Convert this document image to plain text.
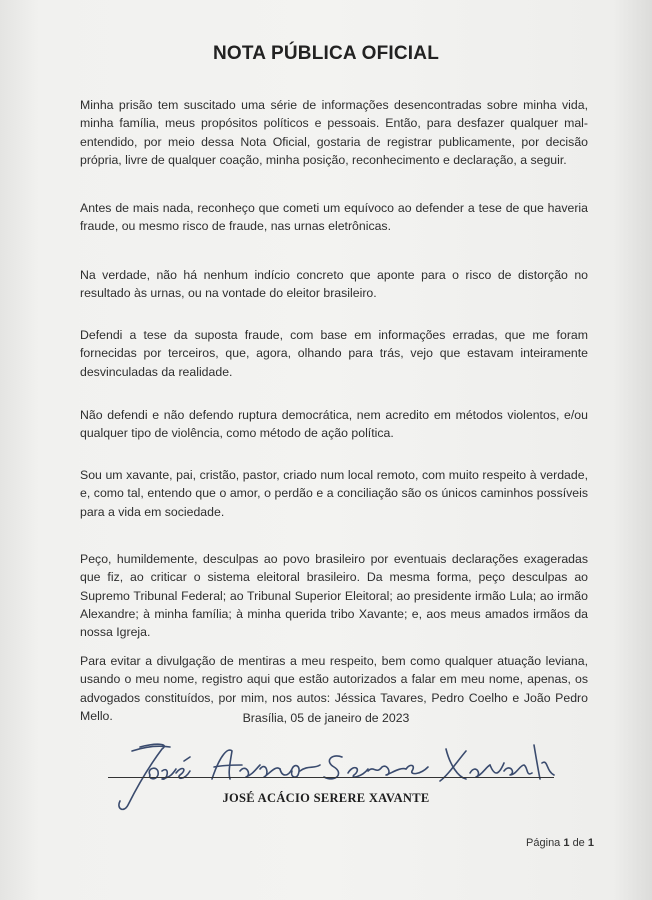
NOTA PÚBLICA OFICIAL

Minha prisão tem suscitado uma série de informações desencontradas sobre minha vida, minha família, meus propósitos políticos e pessoais. Então, para desfazer qualquer mal-entendido, por meio dessa Nota Oficial, gostaria de registrar publicamente, por decisão própria, livre de qualquer coação, minha posição, reconhecimento e declaração, a seguir.

Antes de mais nada, reconheço que cometi um equívoco ao defender a tese de que haveria fraude, ou mesmo risco de fraude, nas urnas eletrônicas.

Na verdade, não há nenhum indício concreto que aponte para o risco de distorção no resultado às urnas, ou na vontade do eleitor brasileiro.

Defendi a tese da suposta fraude, com base em informações erradas, que me foram fornecidas por terceiros, que, agora, olhando para trás, vejo que estavam inteiramente desvinculadas da realidade.

Não defendi e não defendo ruptura democrática, nem acredito em métodos violentos, e/ou qualquer tipo de violência, como método de ação política.

Sou um xavante, pai, cristão, pastor, criado num local remoto, com muito respeito à verdade, e, como tal, entendo que o amor, o perdão e a conciliação são os únicos caminhos possíveis para a vida em sociedade.

Peço, humildemente, desculpas ao povo brasileiro por eventuais declarações exageradas que fiz, ao criticar o sistema eleitoral brasileiro. Da mesma forma, peço desculpas ao Supremo Tribunal Federal; ao Tribunal Superior Eleitoral; ao presidente irmão Lula; ao irmão Alexandre; à minha família; à minha querida tribo Xavante; e, aos meus amados irmãos da nossa Igreja.

Para evitar a divulgação de mentiras a meu respeito, bem como qualquer atuação leviana, usando o meu nome, registro aqui que estão autorizados a falar em meu nome, apenas, os advogados constituídos, por mim, nos autos: Jéssica Tavares, Pedro Coelho e João Pedro Mello.	Brasília, 05 de janeiro de 2023
JOSÉ ACÁCIO SERERE XAVANTE
Página 1 de 1
